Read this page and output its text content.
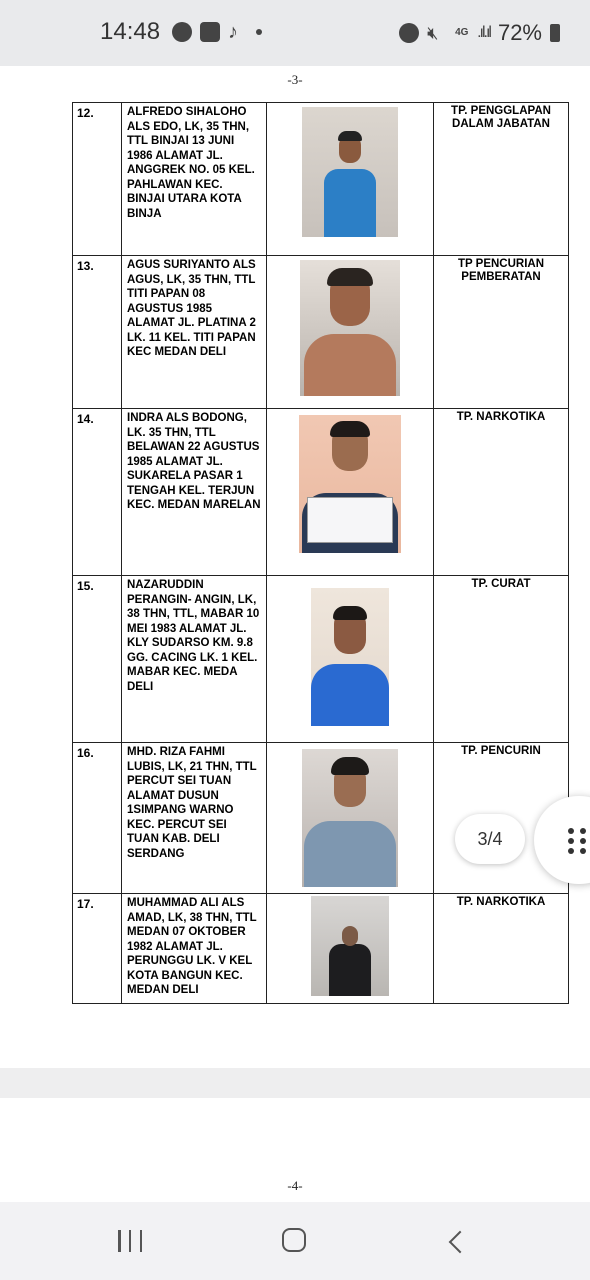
14:48	♪	🔇︎	4G .ıl.ıl 72%
-3-
12.	ALFREDO SIHALOHO ALS EDO, LK, 35 THN, TTL BINJAI 13 JUNI 1986 ALAMAT JL. ANGGREK NO. 05 KEL. PAHLAWAN KEC. BINJAI UTARA KOTA BINJA		TP. PENGGLAPAN DALAM JABATAN
13.	AGUS SURIYANTO ALS AGUS, LK, 35 THN, TTL TITI PAPAN 08 AGUSTUS 1985 ALAMAT JL. PLATINA 2 LK. 11 KEL. TITI PAPAN KEC MEDAN DELI		TP PENCURIAN PEMBERATAN
14.	INDRA ALS BODONG, LK. 35 THN, TTL BELAWAN 22 AGUSTUS 1985 ALAMAT JL. SUKARELA PASAR 1 TENGAH KEL. TERJUN KEC. MEDAN MARELAN		TP. NARKOTIKA
15.	NAZARUDDIN PERANGIN- ANGIN, LK, 38 THN, TTL, MABAR 10 MEI 1983 ALAMAT JL. KLY SUDARSO KM. 9.8 GG. CACING LK. 1 KEL. MABAR KEC. MEDA DELI		TP. CURAT
16.	MHD. RIZA FAHMI LUBIS, LK, 21 THN, TTL PERCUT SEI TUAN ALAMAT DUSUN 1SIMPANG WARNO KEC. PERCUT SEI TUAN KAB. DELI SERDANG		TP. PENCURIN
17.	MUHAMMAD ALI ALS AMAD, LK, 38 THN, TTL MEDAN 07 OKTOBER 1982 ALAMAT JL. PERUNGGU LK. V KEL KOTA BANGUN KEC. MEDAN DELI		TP. NARKOTIKA
-4-
3/4
